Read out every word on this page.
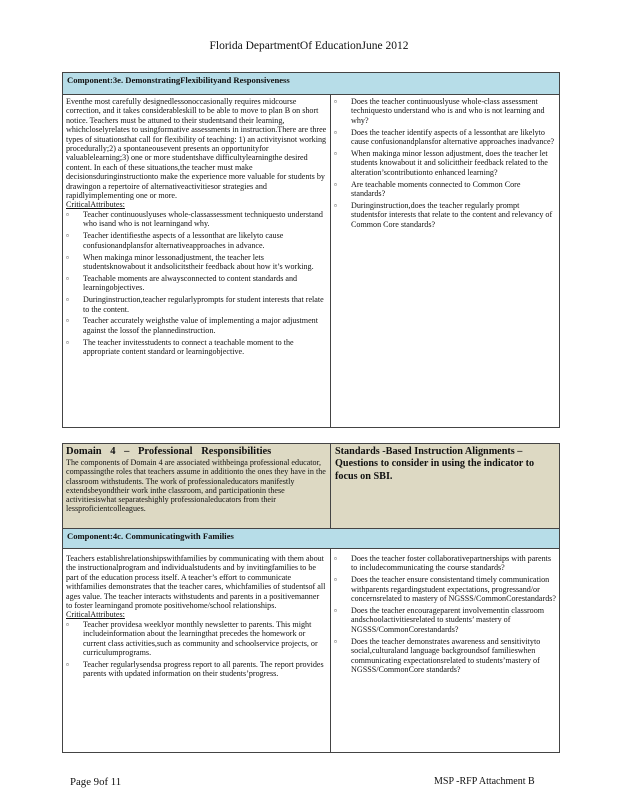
Florida DepartmentOf EducationJune 2012
Component:3e. DemonstratingFlexibilityand Responsiveness

Eventhe most carefully designedlessonoccasionally requires midcourse correction, and it takes considerableskill to be able to move to plan B on short notice. Teachers must be attuned to their studentsand their learning, whichcloselyrelates to usingformative assessments in instruction.There are three types of situationsthat call for flexibility of teaching: 1) an activityisnot working procedurally;2) a spontaneousevent presents an opportunityfor valuablelearning;3) one or more studentshave difficultylearningthe desired content. In each of these situations,the teacher must make decisionsduringinstructionto make the experience more valuable for students by drawingon a repertoire of alternativeactivitiesor strategies and rapidlyimplementing one or more.

CriticalAttributes:
▫ Teacher continuouslyuses whole-classassessment techniquesto understand who isand who is not learningand why.
▫ Teacher identifiesthe aspects of a lessonthat are likelyto cause confusionandplansfor alternativeapproaches in advance.
▫ When makinga minor lessonadjustment, the teacher lets studentsknowabout it andsolicitstheir feedback about how it’s working.
▫ Teachable moments are alwaysconnected to content standards and learningobjectives.
▫ Duringinstruction,teacher regularlyprompts for student interests that relate to the content.
▫ Teacher accurately weighsthe value of implementing a major adjustment against the lossof the plannedinstruction.
▫ The teacher invitesstudents to connect a teachable moment to the appropriate content standard or learningobjective.
▫ Does the teacher continuouslyuse whole-class assessment techniquesto understand who is and who is not learning and why?
▫ Does the teacher identify aspects of a lessonthat are likelyto cause confusionandplansfor alternative approaches inadvance?
▫ When makinga minor lesson adjustment, does the teacher let students knowabout it and solicittheir feedback related to the alteration’scontributionto enhanced learning?
▫ Are teachable moments connected to Common Core standards?
▫ Duringinstruction,does the teacher regularly prompt studentsfor interests that relate to the content and relevancy of Common Core standards?
Domain 4 – Professional Responsibilities
The components of Domain 4 are associated withbeinga professional educator, compassingthe roles that teachers assume in additionto the ones they have in the classroom withstudents. The work of professionaleducators manifestly extendsbeyondtheir work inthe classroom, and participationin these activitiesiswhat separateshighly professionaleducators from their lessproficientcolleagues.
Standards -Based Instruction Alignments – Questions to consider in using the indicator to focus on SBI.
Component:4c. Communicatingwith Families

Teachers establishrelationshipswithfamilies by communicating with them about the instructionalprogram and individualstudents and by invitingfamilies to be part of the education process itself. A teacher’s effort to communicate withfamilies demonstrates that the teacher cares, whichfamilies of studentsof all ages value. The teacher interacts withstudents and parents in a positivemanner to foster learningand promote positivehome/school relationships.

CriticalAttributes:
▫ Teacher providesa weeklyor monthly newsletter to parents. This might includeinformation about the learningthat precedes the homework or current class activities,such as community and schoolservice projects, or curriculumprograms.
▫ Teacher regularlysendsa progress report to all parents. The report provides parents with updated information on their students’progress.
▫ Does the teacher foster collaborativepartnerships with parents to includecommunicating the course standards?
▫ Does the teacher ensure consistentand timely communication withparents regardingstudent expectations, progressand/or concernsrelated to mastery of NGSSS/CommonCorestandards?
▫ Does the teacher encourageparent involvementin classroom andschoolactivitiesrelated to students’ mastery of NGSSS/CommonCorestandards?
▫ Does the teacher demonstrates awareness and sensitivityto social,culturaland language backgroundsof familieswhen communicating expectationsrelated to students’mastery of NGSSS/CommonCore standards?
Page 9of 11	MSP -RFP Attachment B
